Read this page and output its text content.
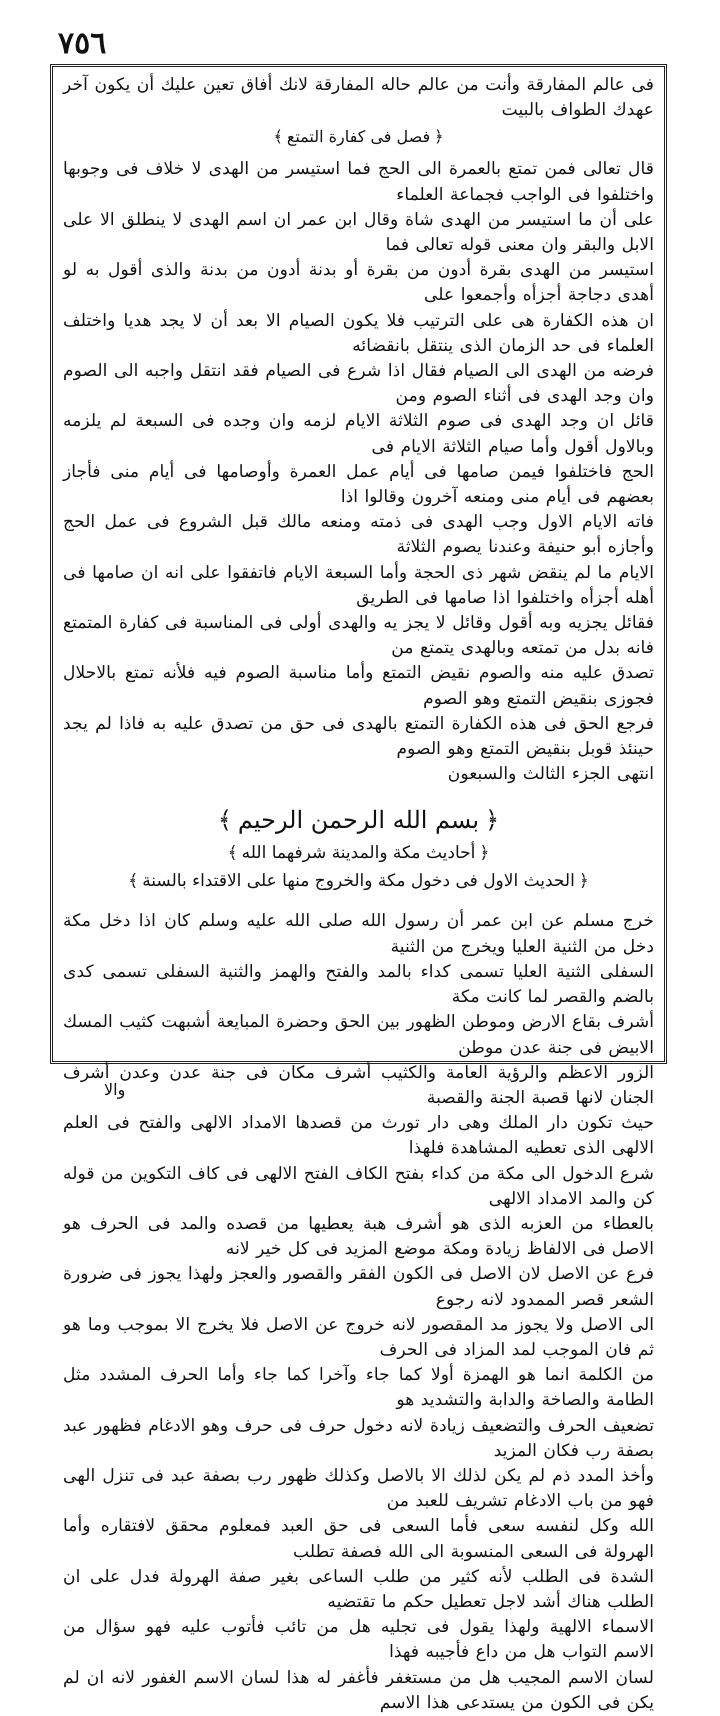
٧٥٦
فى عالم المفارقة وأنت من عالم حاله المفارقة لانك أفاق تعين عليك أن يكون آخر عهدك الطواف بالبيت
﴿ فصل فى كفارة التمتع ﴾
قال تعالى فمن تمتع بالعمرة الى الحج فما استيسر من الهدى لا خلاف فى وجوبها واختلفوا فى الواجب فجماعة العلماء
على أن ما استيسر من الهدى شاة وقال ابن عمر ان اسم الهدى لا ينطلق الا على الابل والبقر وان معنى قوله تعالى فما
استيسر من الهدى بقرة أدون من بقرة أو بدنة أدون من بدنة والذى أقول به لو أهدى دجاجة أجزأه وأجمعوا على
ان هذه الكفارة هى على الترتيب فلا يكون الصيام الا بعد أن لا يجد هديا واختلف العلماء فى حد الزمان الذى ينتقل بانقضائه
فرضه من الهدى الى الصيام فقال اذا شرع فى الصيام فقد انتقل واجبه الى الصوم وان وجد الهدى فى أثناء الصوم ومن
قائل ان وجد الهدى فى صوم الثلاثة الايام لزمه وان وجده فى السبعة لم يلزمه وبالاول أقول وأما صيام الثلاثة الايام فى
الحج فاختلفوا فيمن صامها فى أيام عمل العمرة وأوصامها فى أيام منى فأجاز بعضهم فى أيام منى ومنعه آخرون وقالوا اذا
فاته الايام الاول وجب الهدى فى ذمته ومنعه مالك قبل الشروع فى عمل الحج وأجازه أبو حنيفة وعندنا يصوم الثلاثة
الايام ما لم ينقض شهر ذى الحجة وأما السبعة الايام فاتفقوا على انه ان صامها فى أهله أجزأه واختلفوا اذا صامها فى الطريق
فقائل يجزيه وبه أقول وقائل لا يجز يه والهدى أولى فى المناسبة فى كفارة المتمتع فانه بدل من تمتعه وبالهدى يتمتع من
تصدق عليه منه والصوم نقيض التمتع وأما مناسبة الصوم فيه فلأنه تمتع بالاحلال فجوزى بنقيض التمتع وهو الصوم
فرجع الحق فى هذه الكفارة التمتع بالهدى فى حق من تصدق عليه به فاذا لم يجد حينئذ قوبل بنقيض التمتع وهو الصوم
انتهى الجزء الثالث والسبعون
﴿ بسم الله الرحمن الرحيم ﴾
﴿ أحاديث مكة والمدينة شرفهما الله ﴾
﴿ الحديث الاول فى دخول مكة والخروج منها على الاقتداء بالسنة ﴾
خرج مسلم عن ابن عمر أن رسول الله صلى الله عليه وسلم كان اذا دخل مكة دخل من الثنية العليا ويخرج من الثنية
السفلى الثنية العليا تسمى كداء بالمد والفتح والهمز والثنية السفلى تسمى كدى بالضم والقصر لما كانت مكة
أشرف بقاع الارض وموطن الظهور بين الحق وحضرة المبايعة أشبهت كثيب المسك الابيض فى جنة عدن موطن
الزور الاعظم والرؤية العامة والكثيب أشرف مكان فى جنة عدن وعدن أشرف الجنان لانها قصبة الجنة والقصبة
حيث تكون دار الملك وهى دار تورث من قصدها الامداد الالهى والفتح فى العلم الالهى الذى تعطيه المشاهدة فلهذا
شرع الدخول الى مكة من كداء بفتح الكاف الفتح الالهى فى كاف التكوين من قوله كن والمد الامداد الالهى
بالعطاء من العزبه الذى هو أشرف هبة يعطيها من قصده والمد فى الحرف هو الاصل فى الالفاظ زيادة ومكة موضع المزيد فى كل خير لانه
فرع عن الاصل لان الاصل فى الكون الفقر والقصور والعجز ولهذا يجوز فى ضرورة الشعر قصر الممدود لانه رجوع
الى الاصل ولا يجوز مد المقصور لانه خروج عن الاصل فلا يخرج الا بموجب وما هو ثم فان الموجب لمد المزاد فى الحرف
من الكلمة انما هو الهمزة أولا كما جاء وآخرا كما جاء وأما الحرف المشدد مثل الطامة والصاخة والدابة والتشديد هو
تضعيف الحرف والتضعيف زيادة لانه دخول حرف فى حرف وهو الادغام فظهور عبد بصفة رب فكان المزيد
وأخذ المدد ذم لم يكن لذلك الا بالاصل وكذلك ظهور رب بصفة عبد فى تنزل الهى فهو من باب الادغام تشريف للعبد من
الله وكل لنفسه سعى فأما السعى فى حق العبد فمعلوم محقق لافتقاره وأما الهرولة فى السعى المنسوبة الى الله فصفة تطلب
الشدة فى الطلب لأنه كثير من طلب الساعى بغير صفة الهرولة فدل على ان الطلب هناك أشد لاجل تعطيل حكم ما تقتضيه
الاسماء الالهية ولهذا يقول فى تجليه هل من تائب فأتوب عليه فهو سؤال من الاسم التواب هل من داع فأجيبه فهذا
لسان الاسم المجيب هل من مستغفر فأغفر له هذا لسان الاسم الغفور لانه ان لم يكن فى الكون من يستدعى هذا الاسم
والا
